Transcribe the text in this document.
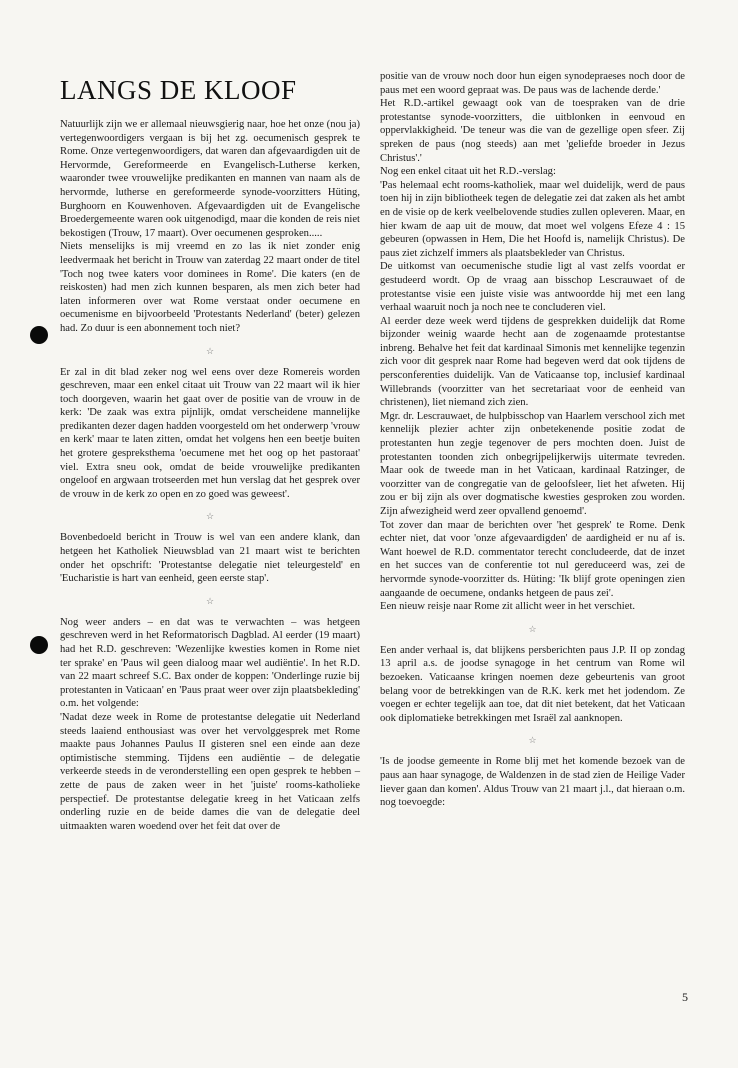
LANGS DE KLOOF

Natuurlijk zijn we er allemaal nieuwsgierig naar, hoe het onze (nou ja) vertegenwoordigers vergaan is bij het zg. oecumenisch gesprek te Rome. Onze vertegenwoordigers, dat waren dan afgevaardigden uit de Hervormde, Gereformeerde en Evangelisch-Lutherse kerken, waaronder twee vrouwelijke predikanten en mannen van naam als de hervormde, lutherse en gereformeerde synode-voorzitters Hüting, Burghoorn en Kouwenhoven. Afgevaardigden uit de Evangelische Broedergemeente waren ook uitgenodigd, maar die konden de reis niet bekostigen (Trouw, 17 maart). Over oecumenen gesproken.....

Niets menselijks is mij vreemd en zo las ik niet zonder enig leedvermaak het bericht in Trouw van zaterdag 22 maart onder de titel 'Toch nog twee katers voor dominees in Rome'. Die katers (en de reiskosten) had men zich kunnen besparen, als men zich beter had laten informeren over wat Rome verstaat onder oecumene en oecumenisme en bijvoorbeeld 'Protestants Nederland' (beter) gelezen had. Zo duur is een abonnement toch niet?

☆

Er zal in dit blad zeker nog wel eens over deze Romereis worden geschreven, maar een enkel citaat uit Trouw van 22 maart wil ik hier toch doorgeven, waarin het gaat over de positie van de vrouw in de kerk: 'De zaak was extra pijnlijk, omdat verscheidene mannelijke predikanten dezer dagen hadden voorgesteld om het onderwerp 'vrouw en kerk' maar te laten zitten, omdat het volgens hen een beetje buiten het grotere gespreksthema 'oecumene met het oog op het pastoraat' viel. Extra sneu ook, omdat de beide vrouwelijke predikanten ongeloof en argwaan trotseerden met hun verslag dat het gesprek over de vrouw in de kerk zo open en zo goed was geweest'.

☆

Bovenbedoeld bericht in Trouw is wel van een andere klank, dan hetgeen het Katholiek Nieuwsblad van 21 maart wist te berichten onder het opschrift: 'Protestantse delegatie niet teleurgesteld' en 'Eucharistie is hart van eenheid, geen eerste stap'.

☆

Nog weer anders – en dat was te verwachten – was hetgeen geschreven werd in het Reformatorisch Dagblad. Al eerder (19 maart) had het R.D. geschreven: 'Wezenlijke kwesties komen in Rome niet ter sprake' en 'Paus wil geen dialoog maar wel audiëntie'. In het R.D. van 22 maart schreef S.C. Bax onder de koppen: 'Onderlinge ruzie bij protestanten in Vaticaan' en 'Paus praat weer over zijn plaatsbekleding' o.m. het volgende:

'Nadat deze week in Rome de protestantse delegatie uit Nederland steeds laaiend enthousiast was over het vervolggesprek met Rome maakte paus Johannes Paulus II gisteren snel een einde aan deze optimistische stemming. Tijdens een audiëntie – de delegatie verkeerde steeds in de veronderstelling een open gesprek te hebben – zette de paus de zaken weer in het 'juiste' rooms-katholieke perspectief. De protestantse delegatie kreeg in het Vaticaan zelfs onderling ruzie en de beide dames die van de delegatie deel uitmaakten waren woedend over het feit dat over de

positie van de vrouw noch door hun eigen synodepraeses noch door de paus met een woord gepraat was. De paus was de lachende derde.'

Het R.D.-artikel gewaagt ook van de toespraken van de drie protestantse synode-voorzitters, die uitblonken in eenvoud en oppervlakkigheid. 'De teneur was die van de gezellige open sfeer. Zij spreken de paus (nog steeds) aan met 'geliefde broeder in Jezus Christus'.'

Nog een enkel citaat uit het R.D.-verslag:

'Pas helemaal echt rooms-katholiek, maar wel duidelijk, werd de paus toen hij in zijn bibliotheek tegen de delegatie zei dat zaken als het ambt en de visie op de kerk veelbelovende studies zullen opleveren. Maar, en hier kwam de aap uit de mouw, dat moet wel volgens Efeze 4 : 15 gebeuren (opwassen in Hem, Die het Hoofd is, namelijk Christus). De paus ziet zichzelf immers als plaatsbekleder van Christus.

De uitkomst van oecumenische studie ligt al vast zelfs voordat er gestudeerd wordt. Op de vraag aan bisschop Lescrauwaet of de protestantse visie een juiste visie was antwoordde hij met een lang verhaal waaruit noch ja noch nee te concluderen viel.

Al eerder deze week werd tijdens de gesprekken duidelijk dat Rome bijzonder weinig waarde hecht aan de zogenaamde protestantse inbreng. Behalve het feit dat kardinaal Simonis met kennelijke tegenzin zich voor dit gesprek naar Rome had begeven werd dat ook tijdens de persconferenties duidelijk. Van de Vaticaanse top, inclusief kardinaal Willebrands (voorzitter van het secretariaat voor de eenheid van christenen), liet niemand zich zien.

Mgr. dr. Lescrauwaet, de hulpbisschop van Haarlem verschool zich met kennelijk plezier achter zijn onbetekenende positie zodat de protestanten hun zegje tegenover de pers mochten doen. Juist de protestanten toonden zich onbegrijpelijkerwijs uitermate tevreden. Maar ook de tweede man in het Vaticaan, kardinaal Ratzinger, de voorzitter van de congregatie van de geloofsleer, liet het afweten. Hij zou er bij zijn als over dogmatische kwesties gesproken zou worden. Zijn afwezigheid werd zeer opvallend genoemd'.

Tot zover dan maar de berichten over 'het gesprek' te Rome. Denk echter niet, dat voor 'onze afgevaardigden' de aardigheid er nu af is. Want hoewel de R.D. commentator terecht concludeerde, dat de inzet en het succes van de conferentie tot nul gereduceerd was, zei de hervormde synode-voorzitter ds. Hüting: 'Ik blijf grote openingen zien aangaande de oecumene, ondanks hetgeen de paus zei'.

Een nieuw reisje naar Rome zit allicht weer in het verschiet.

☆

Een ander verhaal is, dat blijkens persberichten paus J.P. II op zondag 13 april a.s. de joodse synagoge in het centrum van Rome wil bezoeken. Vaticaanse kringen noemen deze gebeurtenis van groot belang voor de betrekkingen van de R.K. kerk met het jodendom. Ze voegen er echter tegelijk aan toe, dat dit niet betekent, dat het Vaticaan ook diplomatieke betrekkingen met Israël zal aanknopen.

☆

'Is de joodse gemeente in Rome blij met het komende bezoek van de paus aan haar synagoge, de Waldenzen in de stad zien de Heilige Vader liever gaan dan komen'. Aldus Trouw van 21 maart j.l., dat hieraan o.m. nog toevoegde:

5
